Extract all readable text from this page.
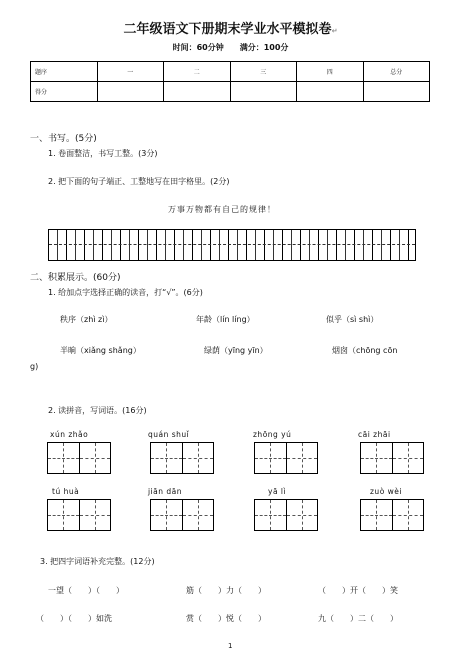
二年级语文下册期末学业水平模拟卷↵
时间：60分钟　　满分：100分
题序	一	二	三	四	总分
得分					
一、书写。(5分)
1. 卷面整洁，书写工整。(3分)
2. 把下面的句子端正、工整地写在田字格里。(2分)
万事万物都有自己的规律！
二、积累展示。(60分)
1. 给加点字选择正确的读音，打“√”。(6分)
秩序（zhì zì）	年龄（lín líng）	似乎（sì shì）
半晌（xiǎng shǎng）	绿荫（yīng yīn）	烟囱（chōng cōn
g)
2. 读拼音，写词语。(16分)
xún zhǎo	quán shuǐ	zhōng yú	cāi zhāi
tú huà	jiān dān	yā lì	zuò wèi
3. 把四字词语补充完整。(12分)
一望（　　）（　　）	筋（　　）力（　　）	（　　）开（　　）笑
（　　）（　　）如洗	赏（　　）悦（　　）	九（　　）二（　　）
1
